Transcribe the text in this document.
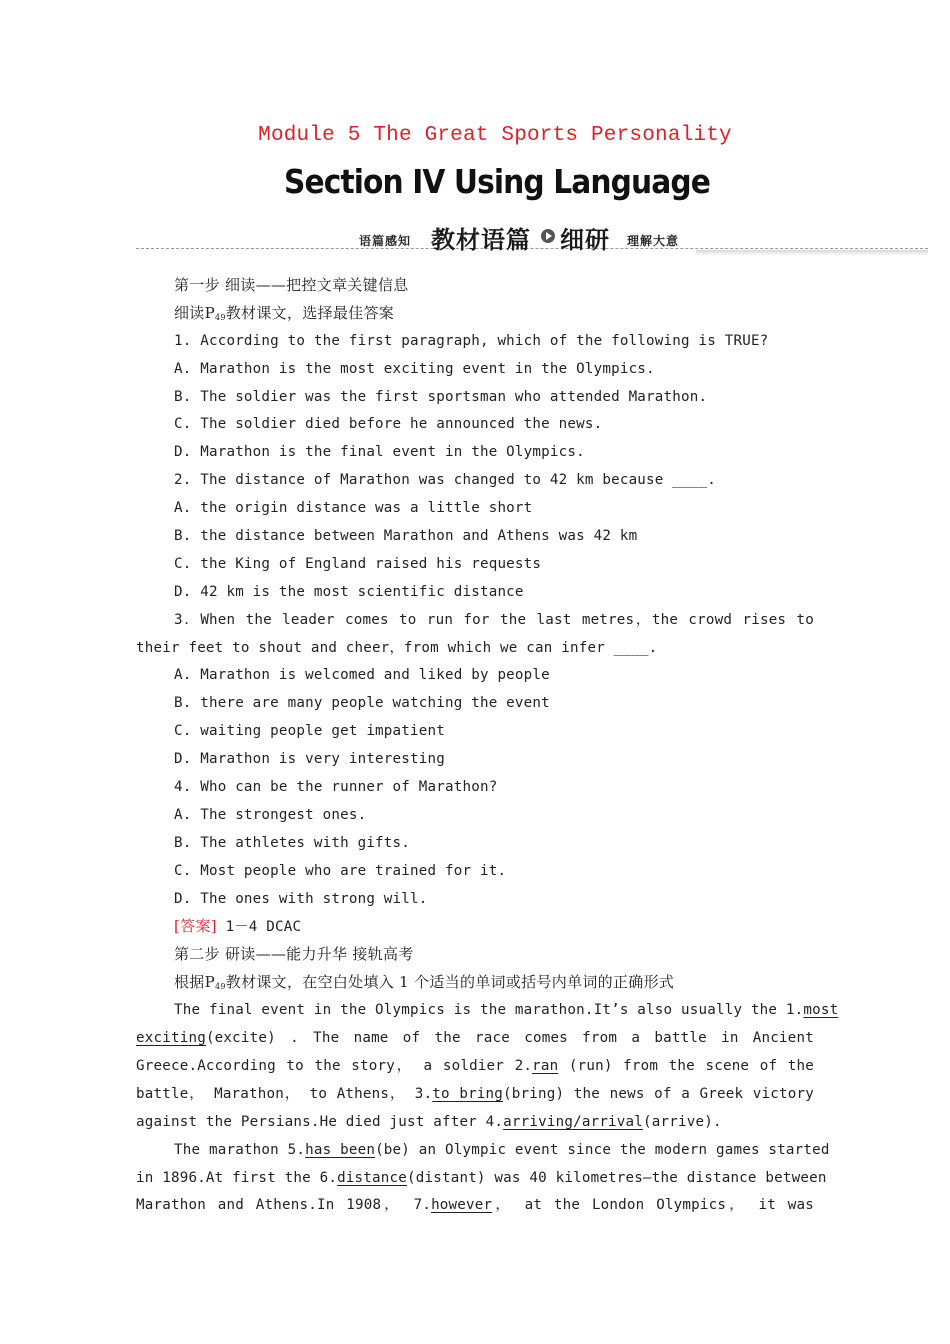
Module 5 The Great Sports Personality
Section IV Using Language
语篇感知 教材语篇 细研 理解大意
第一步 细读——把控文章关键信息
细读$P_{49}$教材课文，选择最佳答案
1. According to the first paragraph, which of the following is TRUE?
A. Marathon is the most exciting event in the Olympics.
B. The soldier was the first sportsman who attended Marathon.
C. The soldier died before he announced the news.
D. Marathon is the final event in the Olympics.
2. The distance of Marathon was changed to 42 km because ____.
A. the origin distance was a little short
B. the distance between Marathon and Athens was 42 km
C. the King of England raised his requests
D. 42 km is the most scientific distance
3．When the leader comes to run for the last metres，the crowd rises to
their feet to shout and cheer，from which we can infer ____.
A. Marathon is welcomed and liked by people
B. there are many people watching the event
C. waiting people get impatient
D. Marathon is very interesting
4. Who can be the runner of Marathon?
A. The strongest ones.
B. The athletes with gifts.
C. Most people who are trained for it.
D. The ones with strong will.
[答案] 1－4 DCAC
第二步 研读——能力升华 接轨高考
根据$P_{49}$教材课文，在空白处填入 1 个适当的单词或括号内单词的正确形式
The final event in the Olympics is the marathon.It’s also usually the 1.most
exciting(excite) . The name of the race comes from a battle in Ancient
Greece.According to the story， a soldier 2.ran (run) from the scene of the
battle， Marathon， to Athens， 3.to bring(bring) the news of a Greek victory
against the Persians.He died just after 4.arriving/arrival(arrive).
The marathon 5.has been(be) an Olympic event since the modern games started
in 1896.At first the 6.distance(distant) was 40 kilometres—the distance between
Marathon and Athens.In 1908， 7.however， at the London Olympics， it was
